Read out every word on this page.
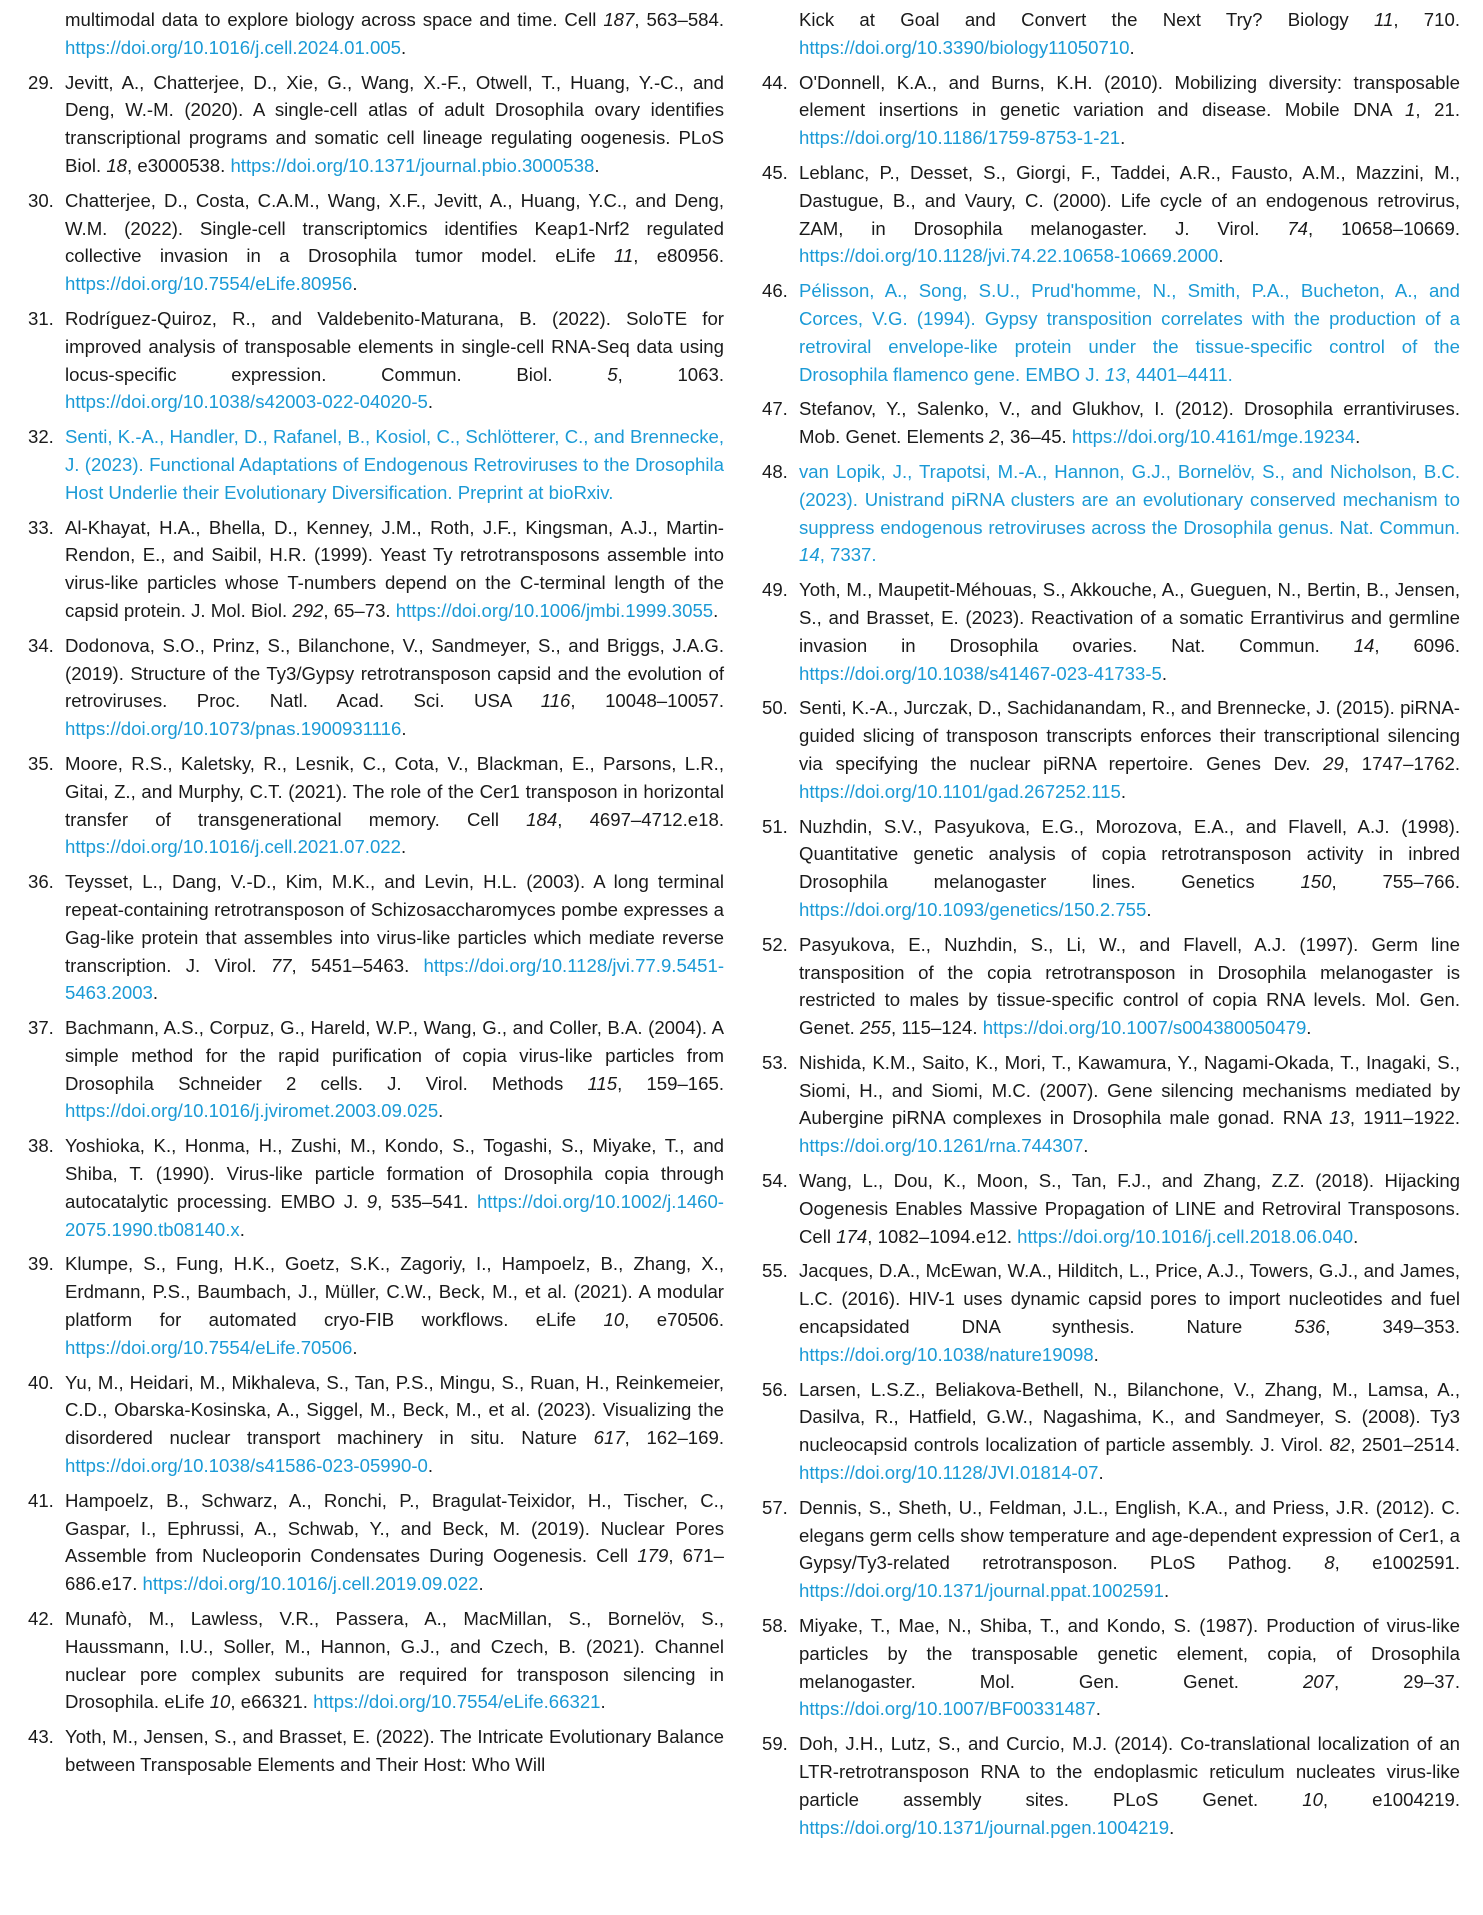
multimodal data to explore biology across space and time. Cell 187, 563–584. https://doi.org/10.1016/j.cell.2024.01.005.
29. Jevitt, A., Chatterjee, D., Xie, G., Wang, X.-F., Otwell, T., Huang, Y.-C., and Deng, W.-M. (2020). A single-cell atlas of adult Drosophila ovary identifies transcriptional programs and somatic cell lineage regulating oogenesis. PLoS Biol. 18, e3000538. https://doi.org/10.1371/journal.pbio.3000538.
30. Chatterjee, D., Costa, C.A.M., Wang, X.F., Jevitt, A., Huang, Y.C., and Deng, W.M. (2022). Single-cell transcriptomics identifies Keap1-Nrf2 regulated collective invasion in a Drosophila tumor model. eLife 11, e80956. https://doi.org/10.7554/eLife.80956.
31. Rodríguez-Quiroz, R., and Valdebenito-Maturana, B. (2022). SoloTE for improved analysis of transposable elements in single-cell RNA-Seq data using locus-specific expression. Commun. Biol. 5, 1063. https://doi.org/10.1038/s42003-022-04020-5.
32. Senti, K.-A., Handler, D., Rafanel, B., Kosiol, C., Schlötterer, C., and Brennecke, J. (2023). Functional Adaptations of Endogenous Retroviruses to the Drosophila Host Underlie their Evolutionary Diversification. Preprint at bioRxiv.
33. Al-Khayat, H.A., Bhella, D., Kenney, J.M., Roth, J.F., Kingsman, A.J., Martin-Rendon, E., and Saibil, H.R. (1999). Yeast Ty retrotransposons assemble into virus-like particles whose T-numbers depend on the C-terminal length of the capsid protein. J. Mol. Biol. 292, 65–73. https://doi.org/10.1006/jmbi.1999.3055.
34. Dodonova, S.O., Prinz, S., Bilanchone, V., Sandmeyer, S., and Briggs, J.A.G. (2019). Structure of the Ty3/Gypsy retrotransposon capsid and the evolution of retroviruses. Proc. Natl. Acad. Sci. USA 116, 10048–10057. https://doi.org/10.1073/pnas.1900931116.
35. Moore, R.S., Kaletsky, R., Lesnik, C., Cota, V., Blackman, E., Parsons, L.R., Gitai, Z., and Murphy, C.T. (2021). The role of the Cer1 transposon in horizontal transfer of transgenerational memory. Cell 184, 4697–4712.e18. https://doi.org/10.1016/j.cell.2021.07.022.
36. Teysset, L., Dang, V.-D., Kim, M.K., and Levin, H.L. (2003). A long terminal repeat-containing retrotransposon of Schizosaccharomyces pombe expresses a Gag-like protein that assembles into virus-like particles which mediate reverse transcription. J. Virol. 77, 5451–5463. https://doi.org/10.1128/jvi.77.9.5451-5463.2003.
37. Bachmann, A.S., Corpuz, G., Hareld, W.P., Wang, G., and Coller, B.A. (2004). A simple method for the rapid purification of copia virus-like particles from Drosophila Schneider 2 cells. J. Virol. Methods 115, 159–165. https://doi.org/10.1016/j.jviromet.2003.09.025.
38. Yoshioka, K., Honma, H., Zushi, M., Kondo, S., Togashi, S., Miyake, T., and Shiba, T. (1990). Virus-like particle formation of Drosophila copia through autocatalytic processing. EMBO J. 9, 535–541. https://doi.org/10.1002/j.1460-2075.1990.tb08140.x.
39. Klumpe, S., Fung, H.K., Goetz, S.K., Zagoriy, I., Hampoelz, B., Zhang, X., Erdmann, P.S., Baumbach, J., Müller, C.W., Beck, M., et al. (2021). A modular platform for automated cryo-FIB workflows. eLife 10, e70506. https://doi.org/10.7554/eLife.70506.
40. Yu, M., Heidari, M., Mikhaleva, S., Tan, P.S., Mingu, S., Ruan, H., Reinkemeier, C.D., Obarska-Kosinska, A., Siggel, M., Beck, M., et al. (2023). Visualizing the disordered nuclear transport machinery in situ. Nature 617, 162–169. https://doi.org/10.1038/s41586-023-05990-0.
41. Hampoelz, B., Schwarz, A., Ronchi, P., Bragulat-Teixidor, H., Tischer, C., Gaspar, I., Ephrussi, A., Schwab, Y., and Beck, M. (2019). Nuclear Pores Assemble from Nucleoporin Condensates During Oogenesis. Cell 179, 671–686.e17. https://doi.org/10.1016/j.cell.2019.09.022.
42. Munafò, M., Lawless, V.R., Passera, A., MacMillan, S., Bornelöv, S., Haussmann, I.U., Soller, M., Hannon, G.J., and Czech, B. (2021). Channel nuclear pore complex subunits are required for transposon silencing in Drosophila. eLife 10, e66321. https://doi.org/10.7554/eLife.66321.
43. Yoth, M., Jensen, S., and Brasset, E. (2022). The Intricate Evolutionary Balance between Transposable Elements and Their Host: Who Will
Kick at Goal and Convert the Next Try? Biology 11, 710. https://doi.org/10.3390/biology11050710.
44. O'Donnell, K.A., and Burns, K.H. (2010). Mobilizing diversity: transposable element insertions in genetic variation and disease. Mobile DNA 1, 21. https://doi.org/10.1186/1759-8753-1-21.
45. Leblanc, P., Desset, S., Giorgi, F., Taddei, A.R., Fausto, A.M., Mazzini, M., Dastugue, B., and Vaury, C. (2000). Life cycle of an endogenous retrovirus, ZAM, in Drosophila melanogaster. J. Virol. 74, 10658–10669. https://doi.org/10.1128/jvi.74.22.10658-10669.2000.
46. Pélisson, A., Song, S.U., Prud'homme, N., Smith, P.A., Bucheton, A., and Corces, V.G. (1994). Gypsy transposition correlates with the production of a retroviral envelope-like protein under the tissue-specific control of the Drosophila flamenco gene. EMBO J. 13, 4401–4411.
47. Stefanov, Y., Salenko, V., and Glukhov, I. (2012). Drosophila errantiviruses. Mob. Genet. Elements 2, 36–45. https://doi.org/10.4161/mge.19234.
48. van Lopik, J., Trapotsi, M.-A., Hannon, G.J., Bornelöv, S., and Nicholson, B.C. (2023). Unistrand piRNA clusters are an evolutionary conserved mechanism to suppress endogenous retroviruses across the Drosophila genus. Nat. Commun. 14, 7337.
49. Yoth, M., Maupetit-Méhouas, S., Akkouche, A., Gueguen, N., Bertin, B., Jensen, S., and Brasset, E. (2023). Reactivation of a somatic Errantivirus and germline invasion in Drosophila ovaries. Nat. Commun. 14, 6096. https://doi.org/10.1038/s41467-023-41733-5.
50. Senti, K.-A., Jurczak, D., Sachidanandam, R., and Brennecke, J. (2015). piRNA-guided slicing of transposon transcripts enforces their transcriptional silencing via specifying the nuclear piRNA repertoire. Genes Dev. 29, 1747–1762. https://doi.org/10.1101/gad.267252.115.
51. Nuzhdin, S.V., Pasyukova, E.G., Morozova, E.A., and Flavell, A.J. (1998). Quantitative genetic analysis of copia retrotransposon activity in inbred Drosophila melanogaster lines. Genetics 150, 755–766. https://doi.org/10.1093/genetics/150.2.755.
52. Pasyukova, E., Nuzhdin, S., Li, W., and Flavell, A.J. (1997). Germ line transposition of the copia retrotransposon in Drosophila melanogaster is restricted to males by tissue-specific control of copia RNA levels. Mol. Gen. Genet. 255, 115–124. https://doi.org/10.1007/s004380050479.
53. Nishida, K.M., Saito, K., Mori, T., Kawamura, Y., Nagami-Okada, T., Inagaki, S., Siomi, H., and Siomi, M.C. (2007). Gene silencing mechanisms mediated by Aubergine piRNA complexes in Drosophila male gonad. RNA 13, 1911–1922. https://doi.org/10.1261/rna.744307.
54. Wang, L., Dou, K., Moon, S., Tan, F.J., and Zhang, Z.Z. (2018). Hijacking Oogenesis Enables Massive Propagation of LINE and Retroviral Transposons. Cell 174, 1082–1094.e12. https://doi.org/10.1016/j.cell.2018.06.040.
55. Jacques, D.A., McEwan, W.A., Hilditch, L., Price, A.J., Towers, G.J., and James, L.C. (2016). HIV-1 uses dynamic capsid pores to import nucleotides and fuel encapsidated DNA synthesis. Nature 536, 349–353. https://doi.org/10.1038/nature19098.
56. Larsen, L.S.Z., Beliakova-Bethell, N., Bilanchone, V., Zhang, M., Lamsa, A., Dasilva, R., Hatfield, G.W., Nagashima, K., and Sandmeyer, S. (2008). Ty3 nucleocapsid controls localization of particle assembly. J. Virol. 82, 2501–2514. https://doi.org/10.1128/JVI.01814-07.
57. Dennis, S., Sheth, U., Feldman, J.L., English, K.A., and Priess, J.R. (2012). C. elegans germ cells show temperature and age-dependent expression of Cer1, a Gypsy/Ty3-related retrotransposon. PLoS Pathog. 8, e1002591. https://doi.org/10.1371/journal.ppat.1002591.
58. Miyake, T., Mae, N., Shiba, T., and Kondo, S. (1987). Production of virus-like particles by the transposable genetic element, copia, of Drosophila melanogaster. Mol. Gen. Genet. 207, 29–37. https://doi.org/10.1007/BF00331487.
59. Doh, J.H., Lutz, S., and Curcio, M.J. (2014). Co-translational localization of an LTR-retrotransposon RNA to the endoplasmic reticulum nucleates virus-like particle assembly sites. PLoS Genet. 10, e1004219. https://doi.org/10.1371/journal.pgen.1004219.
